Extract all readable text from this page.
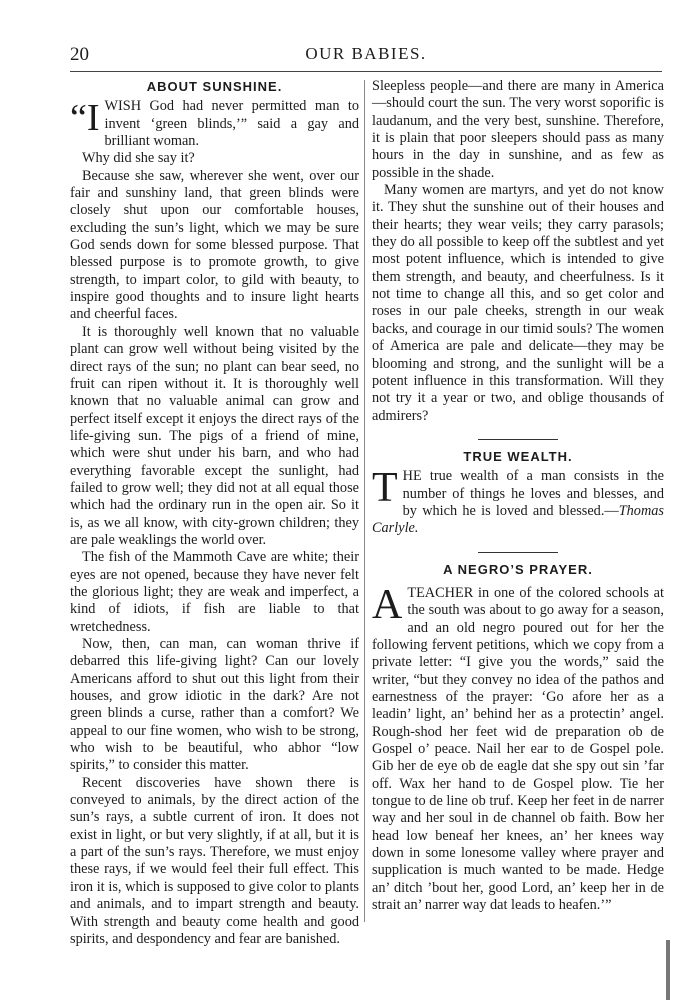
20	OUR BABIES.
ABOUT SUNSHINE.

“IWISH God had never permitted man to invent ‘green blinds,’” said a gay and brilliant woman.

Why did she say it?

Because she saw, wherever she went, over our fair and sunshiny land, that green blinds were closely shut upon our comfortable houses, excluding the sun’s light, which we may be sure God sends down for some blessed purpose. That blessed purpose is to promote growth, to give strength, to impart color, to gild with beauty, to inspire good thoughts and to insure light hearts and cheerful faces.

It is thoroughly well known that no valuable plant can grow well without being visited by the direct rays of the sun; no plant can bear seed, no fruit can ripen without it. It is thoroughly well known that no valuable animal can grow and perfect itself except it enjoys the direct rays of the life-giving sun. The pigs of a friend of mine, which were shut under his barn, and who had everything favorable except the sunlight, had failed to grow well; they did not at all equal those which had the ordinary run in the open air. So it is, as we all know, with city-grown children; they are pale weaklings the world over.

The fish of the Mammoth Cave are white; their eyes are not opened, because they have never felt the glorious light; they are weak and imperfect, a kind of idiots, if fish are liable to that wretchedness.

Now, then, can man, can woman thrive if debarred this life-giving light? Can our lovely Americans afford to shut out this light from their houses, and grow idiotic in the dark? Are not green blinds a curse, rather than a comfort? We appeal to our fine women, who wish to be strong, who wish to be beautiful, who abhor “low spirits,” to consider this matter.

Recent discoveries have shown there is conveyed to animals, by the direct action of the sun’s rays, a subtle current of iron. It does not exist in light, or but very slightly, if at all, but it is a part of the sun’s rays. Therefore, we must enjoy these rays, if we would feel their full effect. This iron it is, which is supposed to give color to plants and animals, and to impart strength and beauty. With strength and beauty come health and good spirits, and despondency and fear are banished.

Sleepless people—and there are many in America—should court the sun. The very worst soporific is laudanum, and the very best, sunshine. Therefore, it is plain that poor sleepers should pass as many hours in the day in sunshine, and as few as possible in the shade.

Many women are martyrs, and yet do not know it. They shut the sunshine out of their houses and their hearts; they wear veils; they carry parasols; they do all possible to keep off the subtlest and yet most potent influence, which is intended to give them strength, and beauty, and cheerfulness. Is it not time to change all this, and so get color and roses in our pale cheeks, strength in our weak backs, and courage in our timid souls? The women of America are pale and delicate—they may be blooming and strong, and the sunlight will be a potent influence in this transformation. Will they not try it a year or two, and oblige thousands of admirers?

TRUE WEALTH.

THE true wealth of a man consists in the number of things he loves and blesses, and by which he is loved and blessed.—Thomas Carlyle.

A NEGRO’S PRAYER.

ATEACHER in one of the colored schools at the south was about to go away for a season, and an old negro poured out for her the following fervent petitions, which we copy from a private letter: “I give you the words,” said the writer, “but they convey no idea of the pathos and earnestness of the prayer: ‘Go afore her as a leadin’ light, an’ behind her as a protectin’ angel. Rough-shod her feet wid de preparation ob de Gospel o’ peace. Nail her ear to de Gospel pole. Gib her de eye ob de eagle dat she spy out sin ’far off. Wax her hand to de Gospel plow. Tie her tongue to de line ob truf. Keep her feet in de narrer way and her soul in de channel ob faith. Bow her head low beneaf her knees, an’ her knees way down in some lonesome valley where prayer and supplication is much wanted to be made. Hedge an’ ditch ’bout her, good Lord, an’ keep her in de strait an’ narrer way dat leads to heafen.’”
